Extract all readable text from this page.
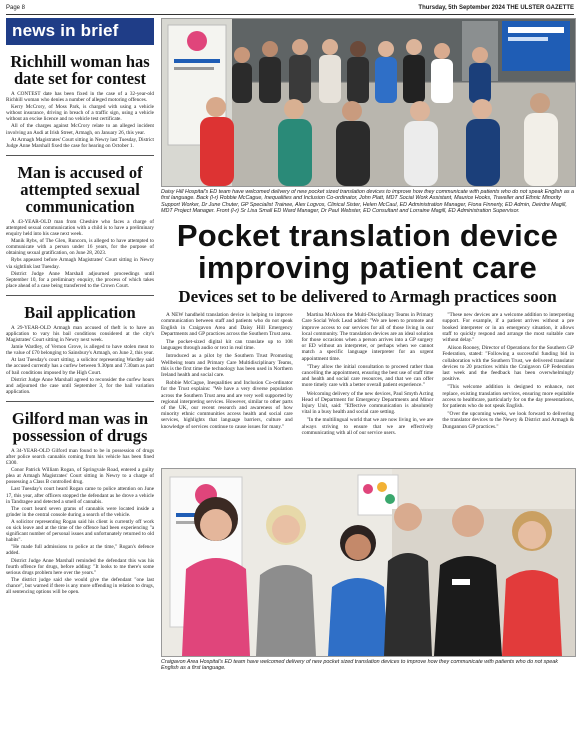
Page 8	Thursday, 5th September 2024 THE ULSTER GAZETTE
news in brief
Richhill woman has date set for contest

A CONTEST date has been fixed in the case of a 32-year-old Richhill woman who denies a number of alleged motoring offences.

Kerry McCrory, of Moss Park, is charged with using a vehicle without insurance, driving in breach of a traffic sign, using a vehicle without an excise licence and no vehicle test certificate.

All of the charges against McCrory relate to an alleged incident involving an Audi at Irish Street, Armagh, on January 26, this year.

At Armagh Magistrates' Court sitting in Newry last Tuesday, District Judge Anne Marshall fixed the case for hearing on October 1.

Man is accused of attempted sexual communication

A 43-YEAR-OLD man from Cheshire who faces a charge of attempted sexual communication with a child is to have a preliminary enquiry held into his case next week.

Manik Rybs, of The Glen, Runcorn, is alleged to have attempted to communicate with a person under 16 years, for the purpose of obtaining sexual gratification, on June 28, 2023.

Rybs appeared before Armagh Magistrates' Court sitting in Newry via sightlink last Tuesday.

District Judge Anne Marshall adjourned proceedings until September 10, for a preliminary enquiry, the process of which takes place ahead of a case being transferred to the Crown Court.

Bail application

A 29-YEAR-OLD Armagh man accused of theft is to have an application to vary his bail conditions considered at the city's Magistrates' Court sitting in Newry next week.

Jamie Wardley, of Vernon Grove, is alleged to have stolen meat to the value of £70 belonging to Sainsbury's Armagh, on June 2, this year.

At last Tuesday's court sitting, a solicitor representing Wardley said the accused currently has a curfew between 9.30pm and 7.30am as part of bail conditions imposed by the High Court.

District Judge Anne Marshall agreed to reconsider the curfew hours and adjourned the case until September 3, for the bail variation application.

Gilford man was in possession of drugs

A 34-YEAR-OLD Gilford man found to be in possession of drugs after police search cannabis coming from his vehicle has been fined £300.

Conor Patrick William Rogan, of Springvale Road, entered a guilty plea at Armagh Magistrates' Court sitting in Newry to a charge of possessing a Class B controlled drug.

Last Tuesday's court heard Rogan came to police attention on June 17, this year, after officers stopped the defendant as he drove a vehicle in Tandragee and detected a smell of cannabis.

The court heard seven grams of cannabis were located inside a grinder in the central console during a search of the vehicle.

A solicitor representing Rogan said his client is currently off work on sick leave and at the time of the offence had been experiencing "a significant number of personal issues and unfortunately returned to old habits".

"He made full admissions to police at the time," Rogan's defence added.

District Judge Anne Marshall reminded the defendant this was his fourth offence for drugs, before adding: "It looks to me there's some serious drugs problem here over the years."

The district judge said she would give the defendant "one last chance", but warned if there is any more offending in relation to drugs, all sentencing options will be open.

Daisy Hill Hospital's ED team have welcomed delivery of new pocket sized translation devices to improve how they communicate with patients who do not speak English as a first language. Back (l-r) Robbie McCague, Inequalities and Inclusion Co-ordinator, John Platt, MDT Social Work Assistant, Maurice Hooks, Traveller and Ethnic Minority Support Worker, Dr June Chuter, GP Specialist Trainee, Alex Logvos, Clinical Sister, Helen McCaul, ED Administration Manager, Fiona Finnerty, ED Admin, Deirdre Magill, MDT Project Manager. Front (l-r) Sr Lisa Small ED Ward Manager, Dr Paul Webster, ED Consultant and Lorraine Magill, ED Administration Supervisor.

Pocket translation device improving patient care
Devices set to be delivered to Armagh practices soon

A NEW handheld translation device is helping to improve communication between staff and patients who do not speak English in Craigavon Area and Daisy Hill Emergency Departments and GP practices across the Southern Trust area.

The pocket-sized digital kit can translate up to 108 languages through audio or text in real time.

Introduced as a pilot by the Southern Trust Promoting Wellbeing team and Primary Care Multidisciplinary Teams, this is the first time the technology has been used in Northern Ireland health and social care.

Robbie McCague, Inequalities and Inclusion Co-ordinator for the Trust explains: "We have a very diverse population across the Southern Trust area and are very well supported by regional interpreting services. However, similar to other parts of the UK, our recent research and awareness of how minority ethnic communities access health and social care services, highlights that language barriers, culture and knowledge of services continue to cause issues for many."

Martina McAloon the Multi-Disciplinary Teams in Primary Care Social Work Lead added: "We are keen to promote and improve access to our services for all of those living in our local community. The translation devices are an ideal solution for those occasions when a person arrives into a GP surgery or ED without an interpreter, or perhaps when we cannot match a specific language interpreter for an urgent appointment time.

"They allow the initial consultation to proceed rather than cancelling the appointment, ensuring the best use of staff time and health and social care resources, and that we can offer more timely care with a better overall patient experience."

Welcoming delivery of the new devices, Paul Smyth Acting Head of Department for Emergency Departments and Minor Injury Unit, said: "Effective communication is absolutely vital in a busy health and social care setting.

"In the multilingual world that we are now living in, we are always striving to ensure that we are effectively communicating with all of our service users.

"These new devices are a welcome addition to interpreting support. For example, if a patient arrives without a pre booked interpreter or in an emergency situation, it allows staff to quickly respond and arrange the most suitable care without delay."

Alison Rooney, Director of Operations for the Southern GP Federation, stated: "Following a successful funding bid in collaboration with the Southern Trust, we delivered translator devices to 20 practices within the Craigavon GP Federation last week and the feedback has been overwhelmingly positive.

"This welcome addition is designed to enhance, not replace, existing translation services, ensuring more equitable access to healthcare, particularly for on the day presentations, for patients who do not speak English.

"Over the upcoming weeks, we look forward to delivering the translator devices to the Newry & District and Armagh & Dungannon GP practices."

Craigavon Area Hospital's ED team have welcomed delivery of new pocket sized translation devices to improve how they communicate with patients who do not speak English as a first language.
